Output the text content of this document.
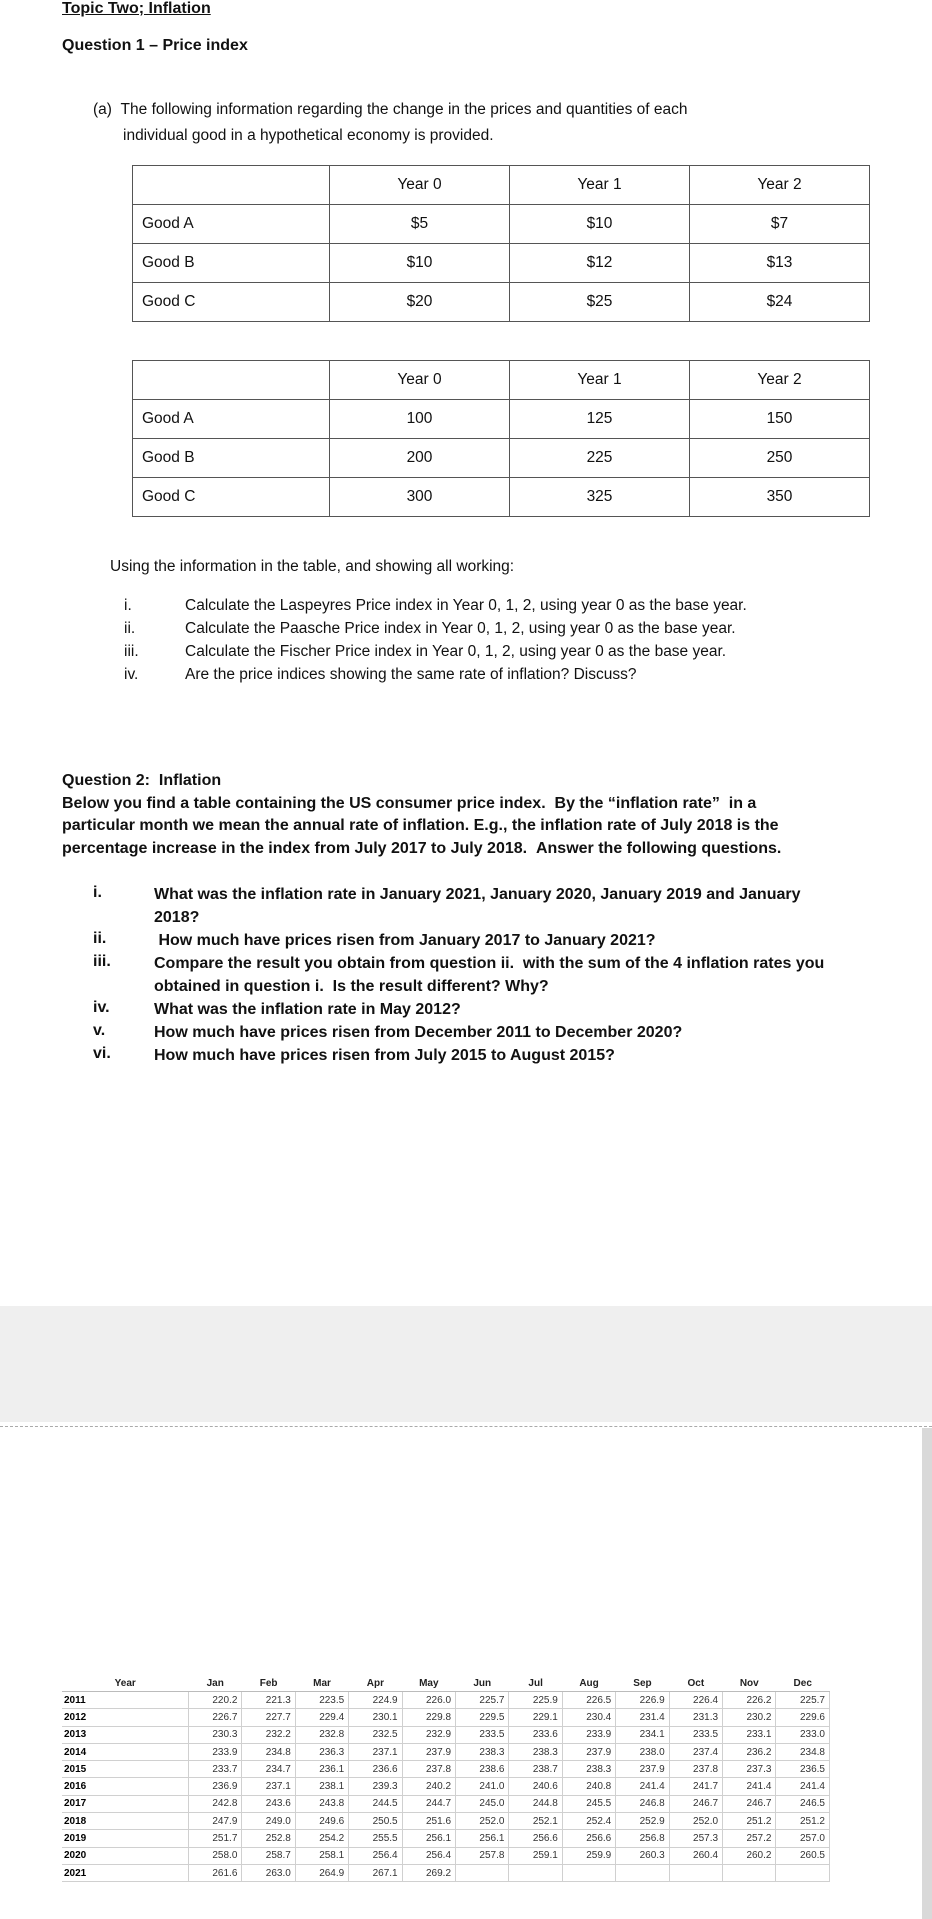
Topic Two; Inflation
Question 1 – Price index
(a)  The following information regarding the change in the prices and quantities of each
individual good in a hypothetical economy is provided.
	Year 0	Year 1	Year 2
Good A	$5	$10	$7
Good B	$10	$12	$13
Good C	$20	$25	$24
	Year 0	Year 1	Year 2
Good A	100	125	150
Good B	200	225	250
Good C	300	325	350
Using the information in the table, and showing all working:
i.	Calculate the Laspeyres Price index in Year 0, 1, 2, using year 0 as the base year.
ii.	Calculate the Paasche Price index in Year 0, 1, 2, using year 0 as the base year.
iii.	Calculate the Fischer Price index in Year 0, 1, 2, using year 0 as the base year.
iv.	Are the price indices showing the same rate of inflation? Discuss?
Question 2:  Inflation
Below you find a table containing the US consumer price index.  By the “inflation rate”  in a
particular month we mean the annual rate of inflation. E.g., the inflation rate of July 2018 is the
percentage increase in the index from July 2017 to July 2018.  Answer the following questions.
i.	What was the inflation rate in January 2021, January 2020, January 2019 and January 2018?
ii.	How much have prices risen from January 2017 to January 2021?
iii.	Compare the result you obtain from question ii.  with the sum of the 4 inflation rates you obtained in question i.  Is the result different? Why?
iv.	What was the inflation rate in May 2012?
v.	How much have prices risen from December 2011 to December 2020?
vi.	How much have prices risen from July 2015 to August 2015?
Year	Jan	Feb	Mar	Apr	May	Jun	Jul	Aug	Sep	Oct	Nov	Dec
2011	220.2	221.3	223.5	224.9	226.0	225.7	225.9	226.5	226.9	226.4	226.2	225.7
2012	226.7	227.7	229.4	230.1	229.8	229.5	229.1	230.4	231.4	231.3	230.2	229.6
2013	230.3	232.2	232.8	232.5	232.9	233.5	233.6	233.9	234.1	233.5	233.1	233.0
2014	233.9	234.8	236.3	237.1	237.9	238.3	238.3	237.9	238.0	237.4	236.2	234.8
2015	233.7	234.7	236.1	236.6	237.8	238.6	238.7	238.3	237.9	237.8	237.3	236.5
2016	236.9	237.1	238.1	239.3	240.2	241.0	240.6	240.8	241.4	241.7	241.4	241.4
2017	242.8	243.6	243.8	244.5	244.7	245.0	244.8	245.5	246.8	246.7	246.7	246.5
2018	247.9	249.0	249.6	250.5	251.6	252.0	252.1	252.4	252.9	252.0	251.2	251.2
2019	251.7	252.8	254.2	255.5	256.1	256.1	256.6	256.6	256.8	257.3	257.2	257.0
2020	258.0	258.7	258.1	256.4	256.4	257.8	259.1	259.9	260.3	260.4	260.2	260.5
2021	261.6	263.0	264.9	267.1	269.2							
